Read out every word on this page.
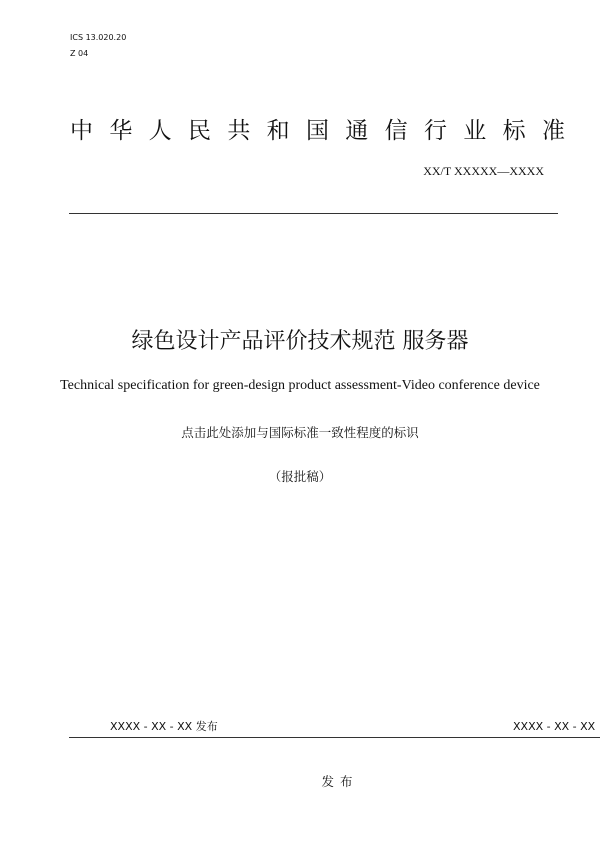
ICS 13.020.20
Z 04
中 华 人 民 共 和 国 通 信 行 业 标 准
XX/T XXXXX—XXXX
绿色设计产品评价技术规范 服务器
Technical specification for green-design product assessment-Video conference device
点击此处添加与国际标准一致性程度的标识
（报批稿）
XXXX - XX - XX 发布	XXXX - XX - XX
发布
